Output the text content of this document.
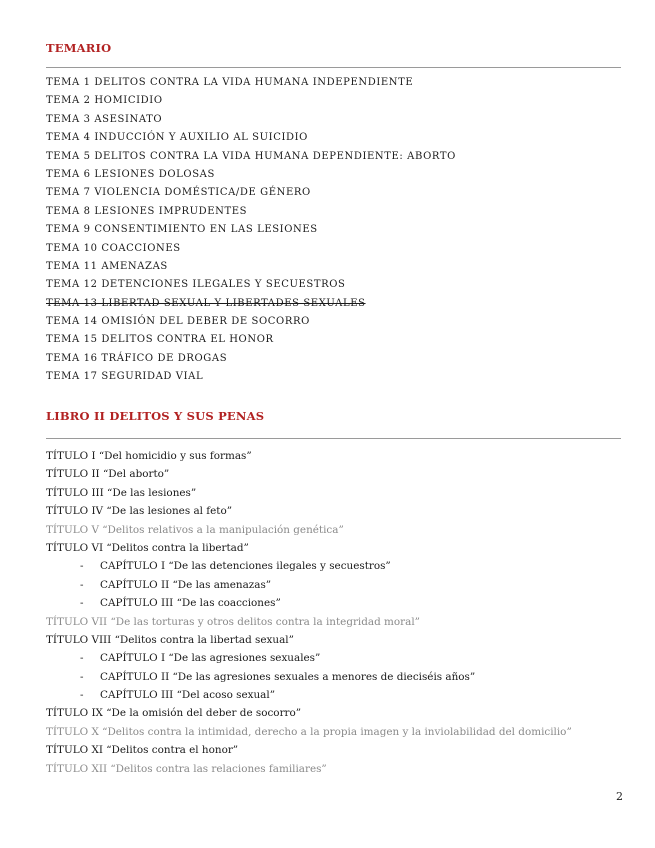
TEMARIO
TEMA 1 DELITOS CONTRA LA VIDA HUMANA INDEPENDIENTE
TEMA 2 HOMICIDIO
TEMA 3 ASESINATO
TEMA 4 INDUCCIÓN Y AUXILIO AL SUICIDIO
TEMA 5 DELITOS CONTRA LA VIDA HUMANA DEPENDIENTE: ABORTO
TEMA 6 LESIONES DOLOSAS
TEMA 7 VIOLENCIA DOMÉSTICA/DE GÉNERO
TEMA 8 LESIONES IMPRUDENTES
TEMA 9 CONSENTIMIENTO EN LAS LESIONES
TEMA 10 COACCIONES
TEMA 11 AMENAZAS
TEMA 12 DETENCIONES ILEGALES Y SECUESTROS
TEMA 13 LIBERTAD SEXUAL Y LIBERTADES SEXUALES
TEMA 14 OMISIÓN DEL DEBER DE SOCORRO
TEMA 15 DELITOS CONTRA EL HONOR
TEMA 16 TRÁFICO DE DROGAS
TEMA 17 SEGURIDAD VIAL
LIBRO II DELITOS Y SUS PENAS
TÍTULO I “Del homicidio y sus formas”
TÍTULO II “Del aborto”
TÍTULO III “De las lesiones”
TÍTULO IV “De las lesiones al feto”
TÍTULO V “Delitos relativos a la manipulación genética”
TÍTULO VI “Delitos contra la libertad”
- CAPÍTULO I “De las detenciones ilegales y secuestros”
- CAPÍTULO II “De las amenazas”
- CAPÍTULO III “De las coacciones”
TÍTULO VII “De las torturas y otros delitos contra la integridad moral”
TÍTULO VIII “Delitos contra la libertad sexual”
- CAPÍTULO I “De las agresiones sexuales”
- CAPÍTULO II “De las agresiones sexuales a menores de dieciséis años”
- CAPÍTULO III “Del acoso sexual”
TÍTULO IX “De la omisión del deber de socorro”
TÍTULO X “Delitos contra la intimidad, derecho a la propia imagen y la inviolabilidad del domicilio”
TÍTULO XI “Delitos contra el honor”
TÍTULO XII “Delitos contra las relaciones familiares”
2
